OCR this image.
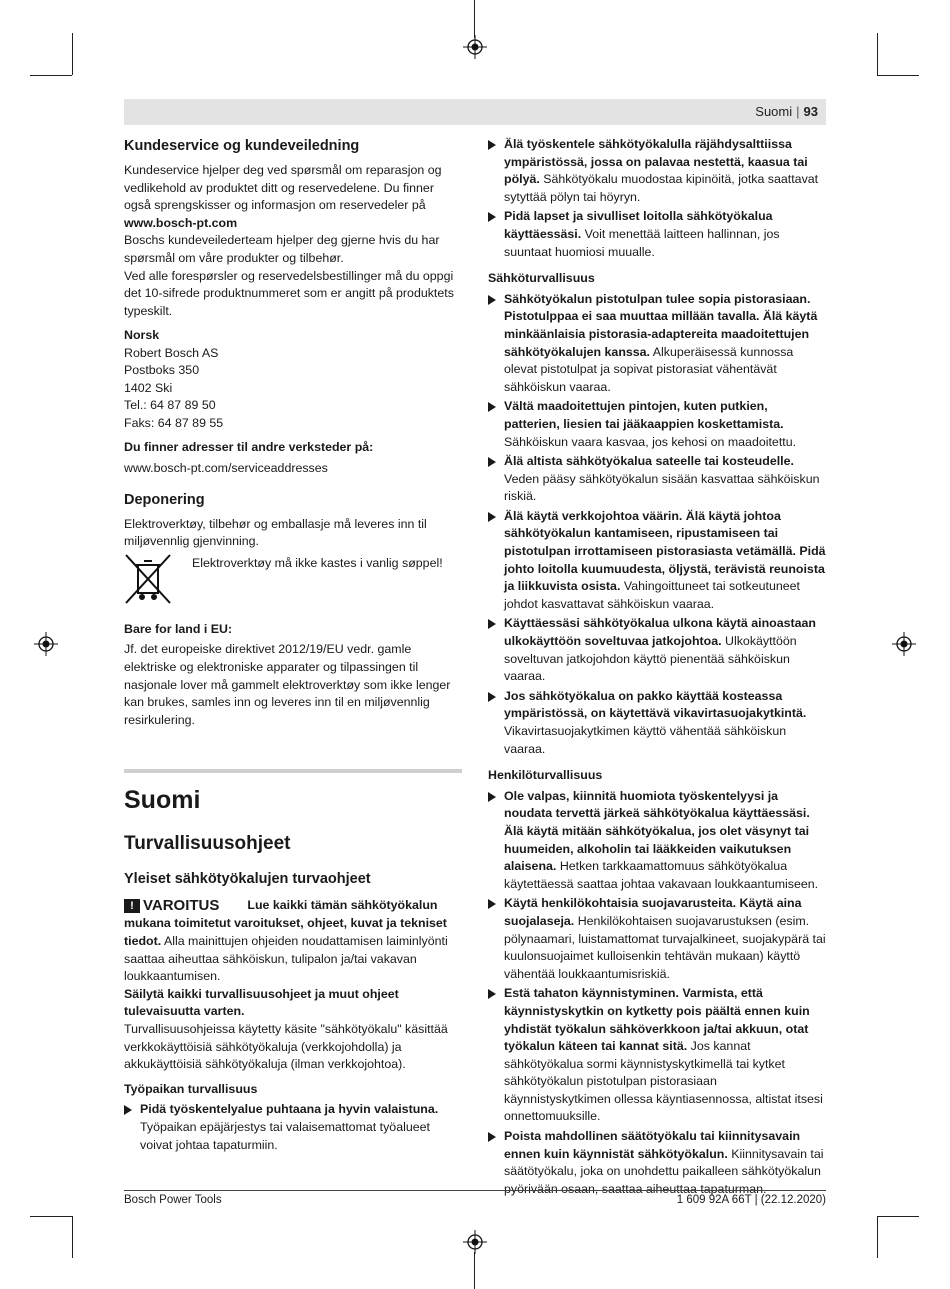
Suomi | 93
Kundeservice og kundeveiledning

Kundeservice hjelper deg ved spørsmål om reparasjon og vedlikehold av produktet ditt og reservedelene. Du finner også sprengskisser og informasjon om reservedeler på

www.bosch-pt.com

Boschs kundeveilederteam hjelper deg gjerne hvis du har spørsmål om våre produkter og tilbehør.

Ved alle forespørsler og reservedelsbestillinger må du oppgi det 10-sifrede produktnummeret som er angitt på produktets typeskilt.

Norsk
Robert Bosch AS
Postboks 350
1402 Ski
Tel.: 64 87 89 50
Faks: 64 87 89 55
Du finner adresser til andre verksteder på:

www.bosch-pt.com/serviceaddresses

Deponering

Elektroverktøy, tilbehør og emballasje må leveres inn til miljøvennlig gjenvinning.

Elektroverktøy må ikke kastes i vanlig søppel!
Bare for land i EU:

Jf. det europeiske direktivet 2012/19/EU vedr. gamle elektriske og elektroniske apparater og tilpassingen til nasjonale lover må gammelt elektroverktøy som ikke lenger kan brukes, samles inn og leveres inn til en miljøvennlig resirkulering.

Suomi
Turvallisuusohjeet
Yleiset sähkötyökalujen turvaohjeet

! VAROITUS Lue kaikki tämän sähkötyökalun mukana toimitetut varoitukset, ohjeet, kuvat ja tekniset tiedot. Alla mainittujen ohjeiden noudattamisen laiminlyönti saattaa aiheuttaa sähköiskun, tulipalon ja/tai vakavan loukkaantumisen.

Säilytä kaikki turvallisuusohjeet ja muut ohjeet tulevaisuutta varten.

Turvallisuusohjeissa käytetty käsite "sähkötyökalu" käsittää verkkokäyttöisiä sähkötyökaluja (verkkojohdolla) ja akkukäyttöisiä sähkötyökaluja (ilman verkkojohtoa).

Työpaikan turvallisuus
Pidä työskentelyalue puhtaana ja hyvin valaistuna. Työpaikan epäjärjestys tai valaisemattomat työalueet voivat johtaa tapaturmiin.
Älä työskentele sähkötyökalulla räjähdysalttiissa ympäristössä, jossa on palavaa nestettä, kaasua tai pölyä. Sähkötyökalu muodostaa kipinöitä, jotka saattavat sytyttää pölyn tai höyryn.
Pidä lapset ja sivulliset loitolla sähkötyökalua käyttäessäsi. Voit menettää laitteen hallinnan, jos suuntaat huomiosi muualle.
Sähköturvallisuus
Sähkötyökalun pistotulpan tulee sopia pistorasiaan. Pistotulppaa ei saa muuttaa millään tavalla. Älä käytä minkäänlaisia pistorasia-adaptereita maadoitettujen sähkötyökalujen kanssa. Alkuperäisessä kunnossa olevat pistotulpat ja sopivat pistorasiat vähentävät sähköiskun vaaraa.
Vältä maadoitettujen pintojen, kuten putkien, patterien, liesien tai jääkaappien koskettamista. Sähköiskun vaara kasvaa, jos kehosi on maadoitettu.
Älä altista sähkötyökalua sateelle tai kosteudelle. Veden pääsy sähkötyökalun sisään kasvattaa sähköiskun riskiä.
Älä käytä verkkojohtoa väärin. Älä käytä johtoa sähkötyökalun kantamiseen, ripustamiseen tai pistotulpan irrottamiseen pistorasiasta vetämällä. Pidä johto loitolla kuumuudesta, öljystä, terävistä reunoista ja liikkuvista osista. Vahingoittuneet tai sotkeutuneet johdot kasvattavat sähköiskun vaaraa.
Käyttäessäsi sähkötyökalua ulkona käytä ainoastaan ulkokäyttöön soveltuvaa jatkojohtoa. Ulkokäyttöön soveltuvan jatkojohdon käyttö pienentää sähköiskun vaaraa.
Jos sähkötyökalua on pakko käyttää kosteassa ympäristössä, on käytettävä vikavirtasuojakytkintä. Vikavirtasuojakytkimen käyttö vähentää sähköiskun vaaraa.
Henkilöturvallisuus
Ole valpas, kiinnitä huomiota työskentelyysi ja noudata tervettä järkeä sähkötyökalua käyttäessäsi. Älä käytä mitään sähkötyökalua, jos olet väsynyt tai huumeiden, alkoholin tai lääkkeiden vaikutuksen alaisena. Hetken tarkkaamattomuus sähkötyökalua käytettäessä saattaa johtaa vakavaan loukkaantumiseen.
Käytä henkilökohtaisia suojavarusteita. Käytä aina suojalaseja. Henkilökohtaisen suojavarustuksen (esim. pölynaamari, luistamattomat turvajalkineet, suojakypärä tai kuulonsuojaimet kulloisenkin tehtävän mukaan) käyttö vähentää loukkaantumisriskiä.
Estä tahaton käynnistyminen. Varmista, että käynnistyskytkin on kytketty pois päältä ennen kuin yhdistät työkalun sähköverkkoon ja/tai akkuun, otat työkalun käteen tai kannat sitä. Jos kannat sähkötyökalua sormi käynnistyskytkimellä tai kytket sähkötyökalun pistotulpan pistorasiaan käynnistyskytkimen ollessa käyntiasennossa, altistat itsesi onnettomuuksille.
Poista mahdollinen säätötyökalu tai kiinnitysavain ennen kuin käynnistät sähkötyökalun. Kiinnitysavain tai säätötyökalu, joka on unohdettu paikalleen sähkötyökalun pyörivään osaan, saattaa aiheuttaa tapaturman.
Bosch Power Tools	1 609 92A 66T | (22.12.2020)
